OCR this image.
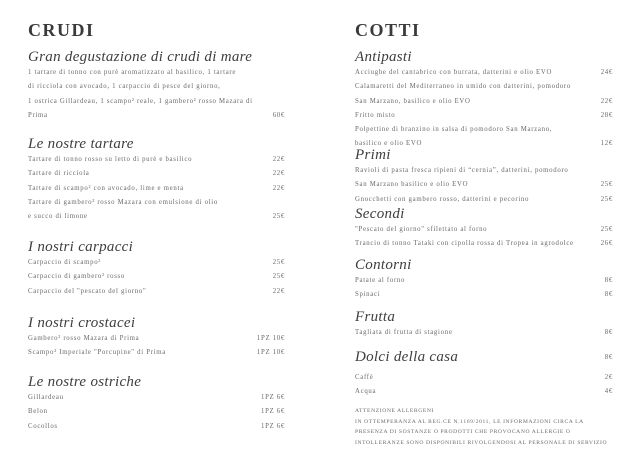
CRUDI	COTTI
Gran degustazione di crudi di mare
1 tartare di tonno con purè aromatizzato al basilico, 1 tartare
di ricciola con avocado, 1 carpaccio di pesce del giorno,
1 ostrica Gillardeau, 1 scampo² reale, 1 gambero² rosso Mazara di
Prima	60€
Le nostre tartare
Tartare di tonno rosso su letto di purè e basilico	22€
Tartare di ricciola	22€
Tartare di scampo² con avocado, lime e menta	22€
Tartare di gambero² rosso Mazara con emulsione di olio
e succo di limone	25€
I nostri carpacci
Carpaccio di scampo²	25€
Carpaccio di gambero² rosso	25€
Carpaccio del "pescato del giorno"	22€
I nostri crostacei
Gambero² rosso Mazara di Prima	1PZ 10€
Scampo² Imperiale "Porcupine" di Prima	1PZ 10€
Le nostre ostriche
Gillardeau	1PZ 6€
Belon	1PZ 6€
Cocollos	1PZ 6€
Antipasti
Acciughe del cantabrico con burrata, datterini e olio EVO	24€
Calamaretti del Mediterraneo in umido con datterini, pomodoro
San Marzano, basilico e olio EVO	22€
Fritto misto	28€
Polpettine di branzino in salsa di pomodoro San Marzano,
basilico e olio EVO	12€
Primi
Ravioli di pasta fresca ripieni di “cernia”, datterini, pomodoro
San Marzano basilico e olio EVO	25€
Gnocchetti con gambero rosso, datterini e pecorino	25€
Secondi
"Pescato del giorno" sfilettato al forno	25€
Trancio di tonno Tataki con cipolla rossa di Tropea in agrodolce	26€
Contorni
Patate al forno	8€
Spinaci	8€
Frutta
Tagliata di frutta di stagione	8€
Dolci della casa	8€
Caffè	2€
Acqua	4€
ATTENZIONE ALLERGENI
IN OTTEMPERANZA AL REG.CE N.1169/2011, LE INFORMAZIONI CIRCA LA
PRESENZA DI SOSTANZE O PRODOTTI CHE PROVOCANO ALLERGIE O
INTOLLERANZE SONO DISPONIBILI RIVOLGENDOSI AL PERSONALE DI SERVIZIO
